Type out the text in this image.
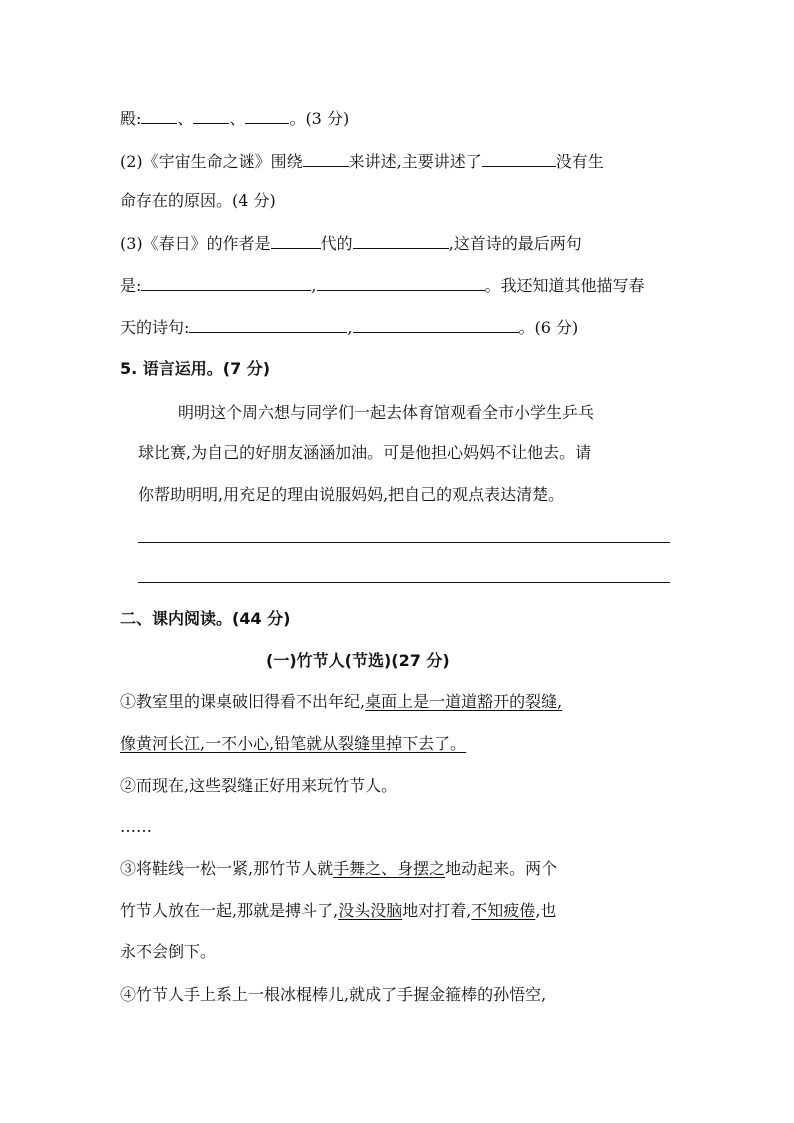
殿: 、 、	。(3 分)
(2)《宇宙生命之谜》围绕	来讲述,主要讲述了	没有生
命存在的原因。(4 分)
(3)《春日》的作者是	代的	,这首诗的最后两句
是:	,	。我还知道其他描写春
天的诗句:	,	。(6 分)
5. 语言运用。(7 分)
明明这个周六想与同学们一起去体育馆观看全市小学生乒乓
球比赛,为自己的好朋友涵涵加油。可是他担心妈妈不让他去。请
你帮助明明,用充足的理由说服妈妈,把自己的观点表达清楚。
二、课内阅读。(44 分)
(一)竹节人(节选)(27 分)
①教室里的课桌破旧得看不出年纪,桌面上是一道道豁开的裂缝,
像黄河长江,一不小心,铅笔就从裂缝里掉下去了。
②而现在,这些裂缝正好用来玩竹节人。
……
③将鞋线一松一紧,那竹节人就手舞之、身摆之地动起来。两个
竹节人放在一起,那就是搏斗了,没头没脑地对打着,不知疲倦,也
永不会倒下。
④竹节人手上系上一根冰棍棒儿,就成了手握金箍棒的孙悟空,
